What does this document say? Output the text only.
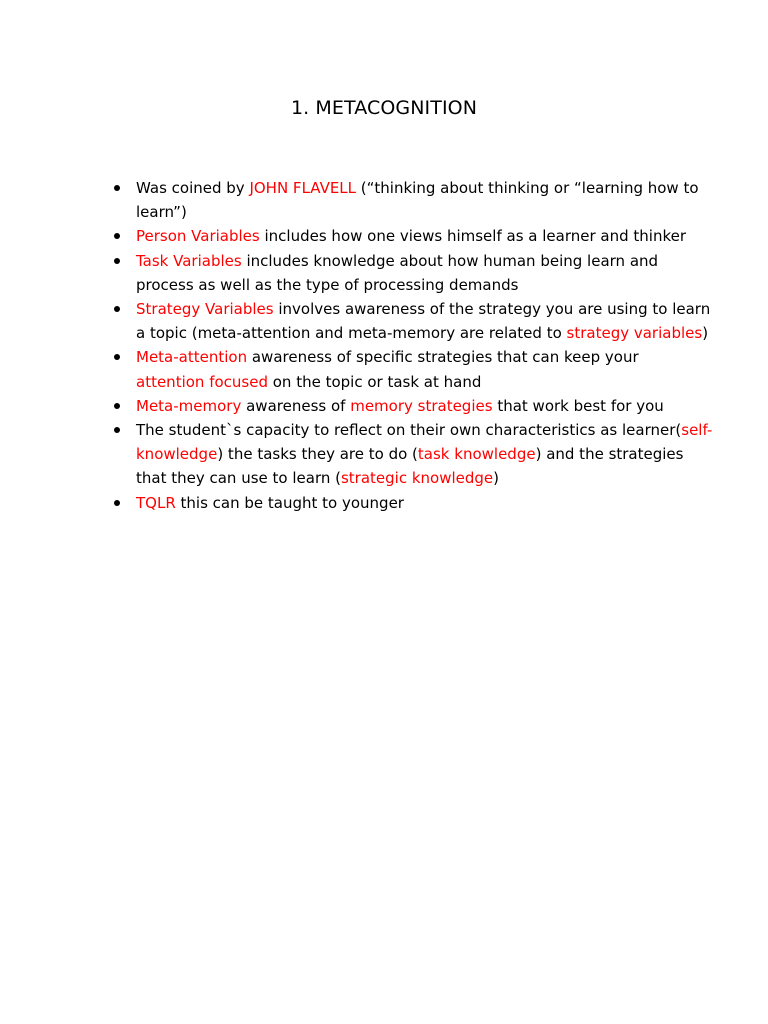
1. METACOGNITION
Was coined by JOHN FLAVELL (“thinking about thinking or “learning how to
learn”)
Person Variables includes how one views himself as a learner and thinker
Task Variables includes knowledge about how human being learn and
process as well as the type of processing demands
Strategy Variables involves awareness of the strategy you are using to learn
a topic (meta-attention and meta-memory are related to strategy variables)
Meta-attention awareness of specific strategies that can keep your
attention focused on the topic or task at hand
Meta-memory awareness of memory strategies that work best for you
The student`s capacity to reflect on their own characteristics as learner(self-
knowledge) the tasks they are to do (task knowledge) and the strategies
that they can use to learn (strategic knowledge)
TQLR this can be taught to younger
